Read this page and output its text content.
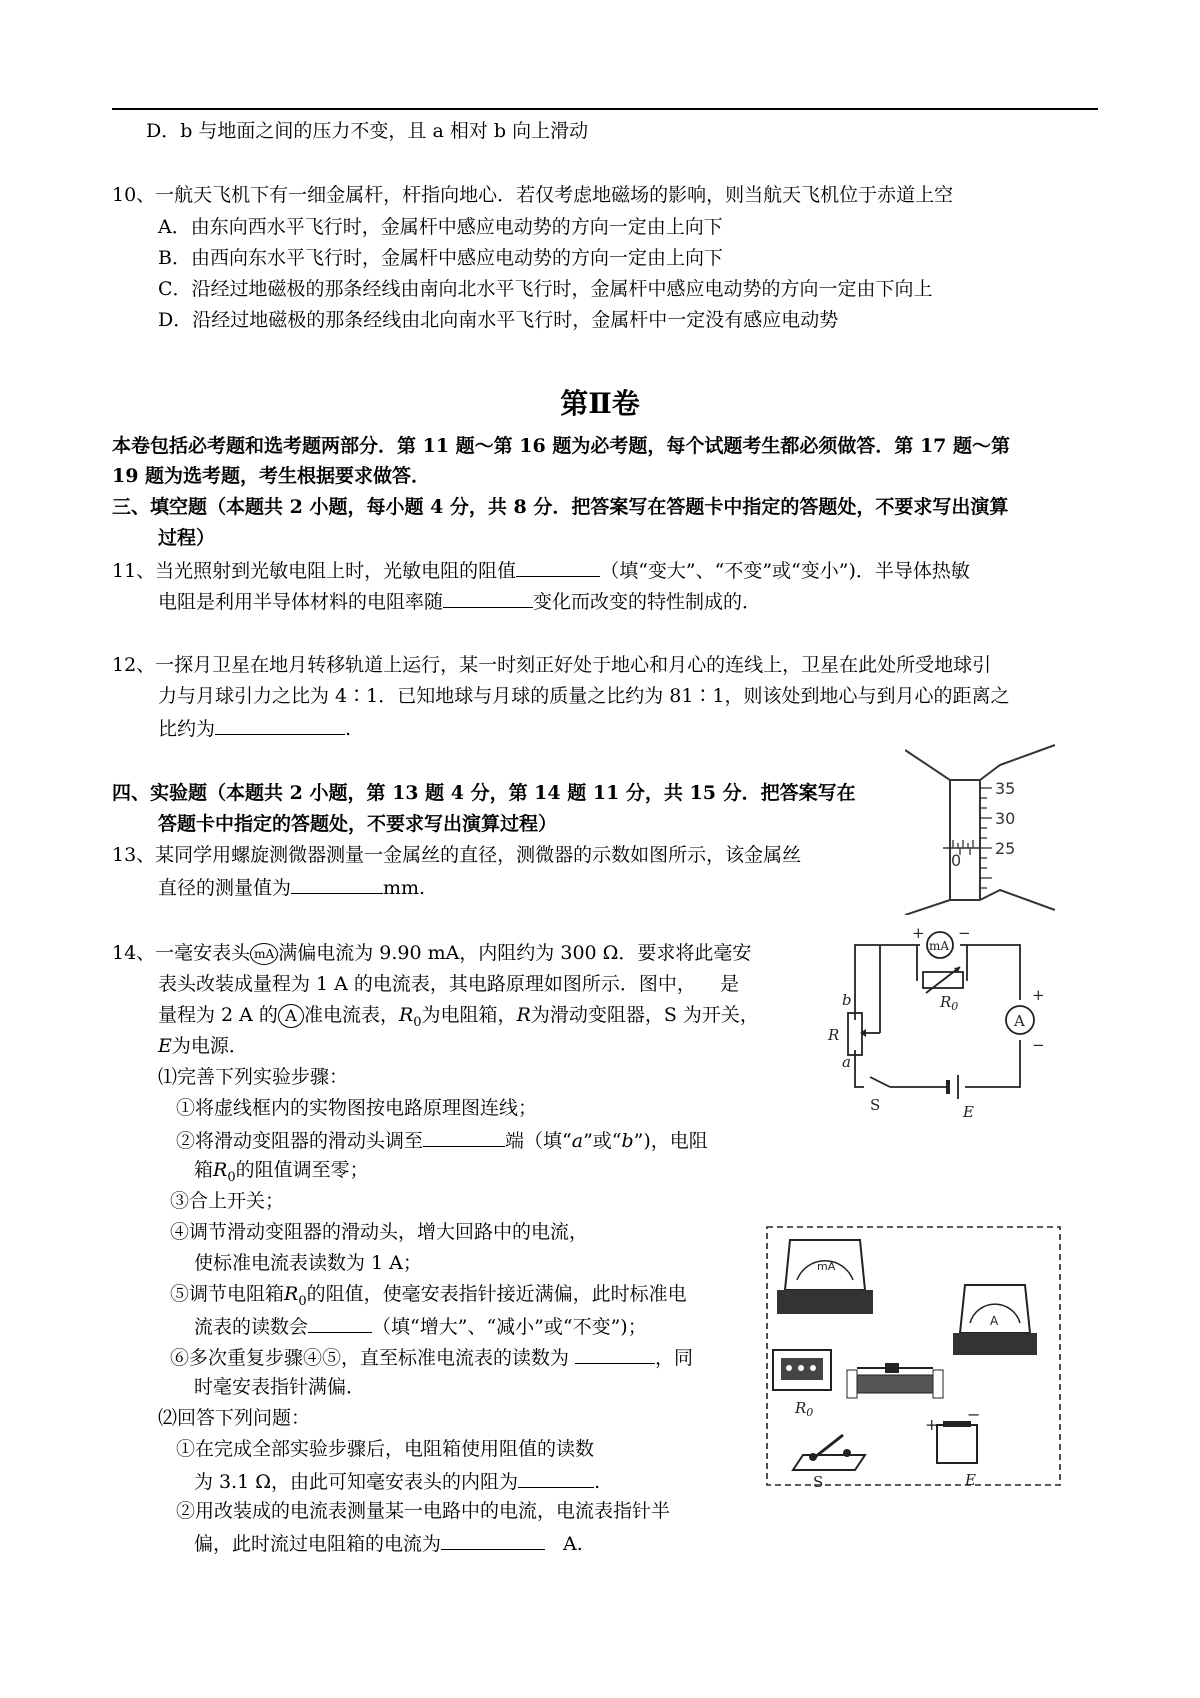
D．b 与地面之间的压力不变，且 a 相对 b 向上滑动
10、一航天飞机下有一细金属杆，杆指向地心．若仅考虑地磁场的影响，则当航天飞机位于赤道上空
A．由东向西水平飞行时，金属杆中感应电动势的方向一定由上向下
B．由西向东水平飞行时，金属杆中感应电动势的方向一定由上向下
C．沿经过地磁极的那条经线由南向北水平飞行时，金属杆中感应电动势的方向一定由下向上
D．沿经过地磁极的那条经线由北向南水平飞行时，金属杆中一定没有感应电动势
第Ⅱ卷
本卷包括必考题和选考题两部分．第 11 题～第 16 题为必考题，每个试题考生都必须做答．第 17 题～第
19 题为选考题，考生根据要求做答．
三、填空题（本题共 2 小题，每小题 4 分，共 8 分．把答案写在答题卡中指定的答题处，不要求写出演算
过程）
11、当光照射到光敏电阻上时，光敏电阻的阻值	（填“变大”、“不变”或“变小”)．半导体热敏
电阻是利用半导体材料的电阻率随	变化而改变的特性制成的．
12、一探月卫星在地月转移轨道上运行，某一时刻正好处于地心和月心的连线上，卫星在此处所受地球引
力与月球引力之比为 4∶1．已知地球与月球的质量之比约为 81∶1，则该处到地心与到月心的距离之
比约为	.
四、实验题（本题共 2 小题，第 13 题 4 分，第 14 题 11 分，共 15 分．把答案写在
答题卡中指定的答题处，不要求写出演算过程）
13、某同学用螺旋测微器测量一金属丝的直径，测微器的示数如图所示，该金属丝
直径的测量值为	mm.
35
30
25
0
14、一毫安表头 mA 满偏电流为 9.90 mA，内阻约为 300 Ω．要求将此毫安
表头改装成量程为 1 A 的电流表，其电路原理如图所示．图中， 是
量程为 2 A 的 A 准电流表，$R_0$为电阻箱，R为滑动变阻器，S 为开关，
E为电源．
⑴完善下列实验步骤：
①将虚线框内的实物图按电路原理图连线；
②将滑动变阻器的滑动头调至	端（填“a”或“b”)，电阻
箱$R_0$的阻值调至零；
③合上开关；
④调节滑动变阻器的滑动头，增大回路中的电流，
使标准电流表读数为 1 A；
⑤调节电阻箱$R_0$的阻值，使毫安表指针接近满偏，此时标准电
流表的读数会	（填“增大”、“减小”或“不变”)；
⑥多次重复步骤④⑤，直至标准电流表的读数为	，同
时毫安表指针满偏．
⑵回答下列问题：
①在完成全部实验步骤后，电阻箱使用阻值的读数
为 3.1 Ω，由此可知毫安表头的内阻为	.
②用改装成的电流表测量某一电路中的电流，电流表指针半
偏，此时流过电阻箱的电流为	A.
+
mA
−
$R_0$
b
R
a
+
A
−
S	E
mA
A
$R_0$
S
+
−
E
